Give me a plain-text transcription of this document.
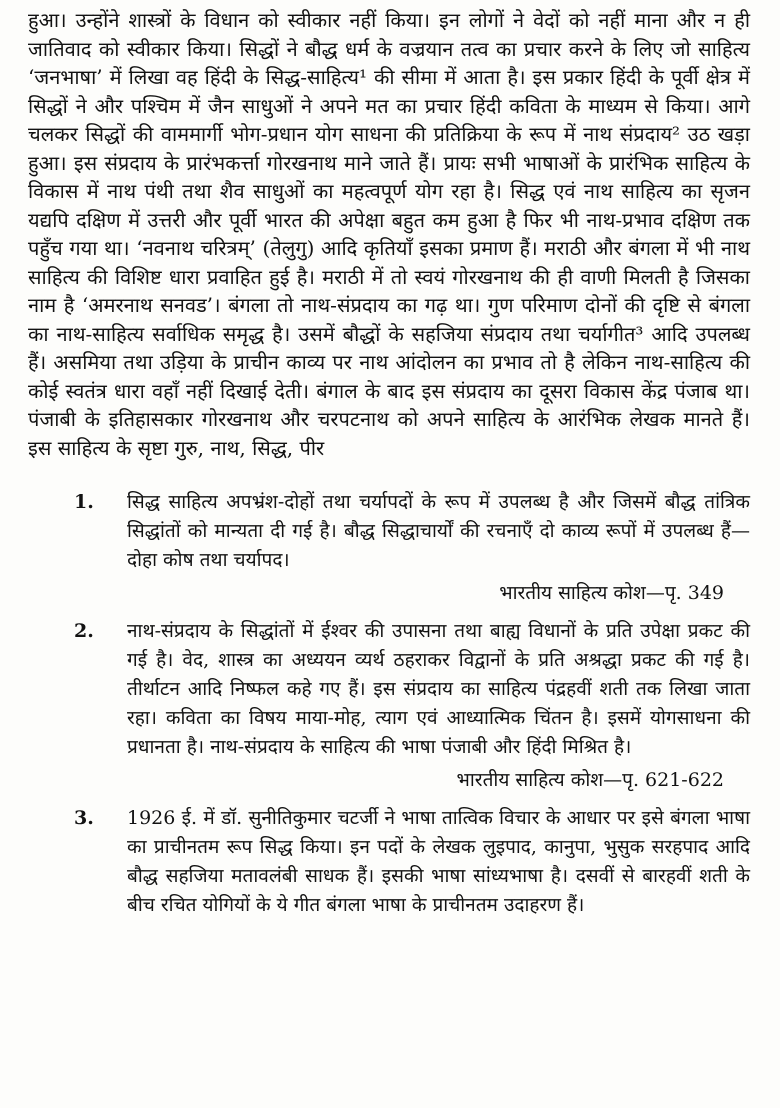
हुआ। उन्होंने शास्त्रों के विधान को स्वीकार नहीं किया। इन लोगों ने वेदों को नहीं माना और न ही जातिवाद को स्वीकार किया। सिद्धों ने बौद्ध धर्म के वज्रयान तत्व का प्रचार करने के लिए जो साहित्य ‘जनभाषा’ में लिखा वह हिंदी के सिद्ध-साहित्य¹ की सीमा में आता है। इस प्रकार हिंदी के पूर्वी क्षेत्र में सिद्धों ने और पश्चिम में जैन साधुओं ने अपने मत का प्रचार हिंदी कविता के माध्यम से किया। आगे चलकर सिद्धों की वाममार्गी भोग-प्रधान योग साधना की प्रतिक्रिया के रूप में नाथ संप्रदाय² उठ खड़ा हुआ। इस संप्रदाय के प्रारंभकर्त्ता गोरखनाथ माने जाते हैं। प्रायः सभी भाषाओं के प्रारंभिक साहित्य के विकास में नाथ पंथी तथा शैव साधुओं का महत्वपूर्ण योग रहा है। सिद्ध एवं नाथ साहित्य का सृजन यद्यपि दक्षिण में उत्तरी और पूर्वी भारत की अपेक्षा बहुत कम हुआ है फिर भी नाथ-प्रभाव दक्षिण तक पहुँच गया था। ‘नवनाथ चरित्रम्’ (तेलुगु) आदि कृतियाँ इसका प्रमाण हैं। मराठी और बंगला में भी नाथ साहित्य की विशिष्ट धारा प्रवाहित हुई है। मराठी में तो स्वयं गोरखनाथ की ही वाणी मिलती है जिसका नाम है ‘अमरनाथ सनवड’। बंगला तो नाथ-संप्रदाय का गढ़ था। गुण परिमाण दोनों की दृष्टि से बंगला का नाथ-साहित्य सर्वाधिक समृद्ध है। उसमें बौद्धों के सहजिया संप्रदाय तथा चर्यागीत³ आदि उपलब्ध हैं। असमिया तथा उड़िया के प्राचीन काव्य पर नाथ आंदोलन का प्रभाव तो है लेकिन नाथ-साहित्य की कोई स्वतंत्र धारा वहाँ नहीं दिखाई देती। बंगाल के बाद इस संप्रदाय का दूसरा विकास केंद्र पंजाब था। पंजाबी के इतिहासकार गोरखनाथ और चरपटनाथ को अपने साहित्य के आरंभिक लेखक मानते हैं। इस साहित्य के सृष्टा गुरु, नाथ, सिद्ध, पीर

1.	सिद्ध साहित्य अपभ्रंश-दोहों तथा चर्यापदों के रूप में उपलब्ध है और जिसमें बौद्ध तांत्रिक सिद्धांतों को मान्यता दी गई है। बौद्ध सिद्धाचार्यों की रचनाएँ दो काव्य रूपों में उपलब्ध हैं—दोहा कोष तथा चर्यापद।

भारतीय साहित्य कोश—पृ. 349

2.	नाथ-संप्रदाय के सिद्धांतों में ईश्वर की उपासना तथा बाह्य विधानों के प्रति उपेक्षा प्रकट की गई है। वेद, शास्त्र का अध्ययन व्यर्थ ठहराकर विद्वानों के प्रति अश्रद्धा प्रकट की गई है। तीर्थाटन आदि निष्फल कहे गए हैं। इस संप्रदाय का साहित्य पंद्रहवीं शती तक लिखा जाता रहा। कविता का विषय माया-मोह, त्याग एवं आध्यात्मिक चिंतन है। इसमें योगसाधना की प्रधानता है। नाथ-संप्रदाय के साहित्य की भाषा पंजाबी और हिंदी मिश्रित है।

भारतीय साहित्य कोश—पृ. 621-622

3.	1926 ई. में डॉ. सुनीतिकुमार चटर्जी ने भाषा तात्विक विचार के आधार पर इसे बंगला भाषा का प्राचीनतम रूप सिद्ध किया। इन पदों के लेखक लुइपाद, कानुपा, भुसुक सरहपाद आदि बौद्ध सहजिया मतावलंबी साधक हैं। इसकी भाषा सांध्यभाषा है। दसवीं से बारहवीं शती के बीच रचित योगियों के ये गीत बंगला भाषा के प्राचीनतम उदाहरण हैं।
